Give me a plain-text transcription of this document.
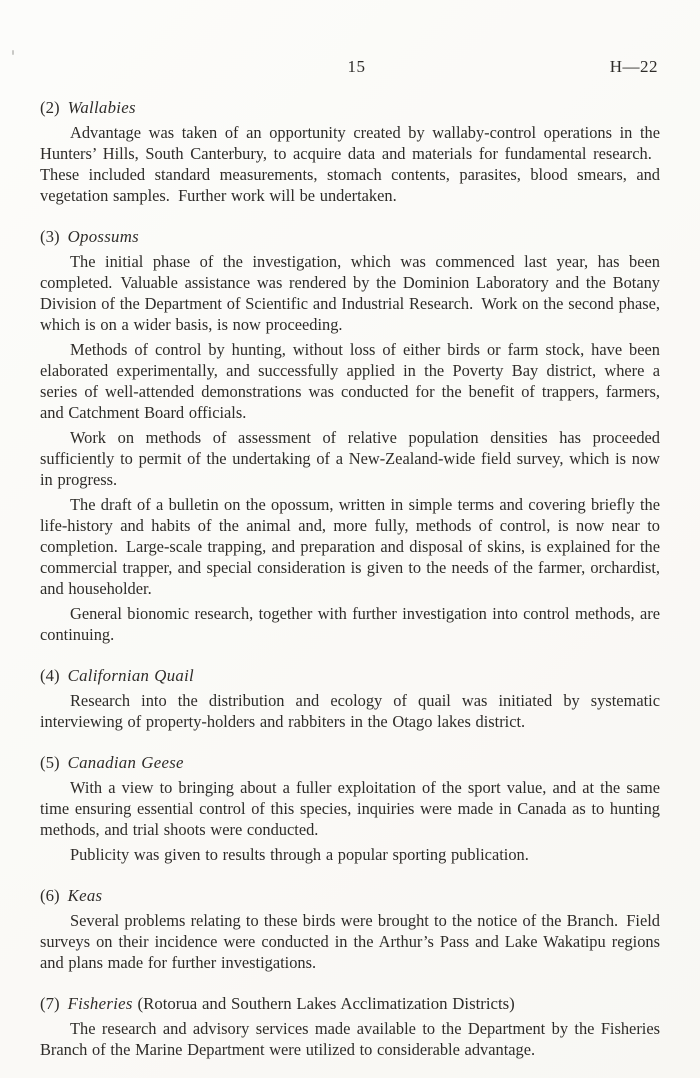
15	H—22
(2) Wallabies

Advantage was taken of an opportunity created by wallaby-control operations in the Hunters’ Hills, South Canterbury, to acquire data and materials for fundamental research. These included standard measurements, stomach contents, parasites, blood smears, and vegetation samples. Further work will be undertaken.

(3) Opossums

The initial phase of the investigation, which was commenced last year, has been completed. Valuable assistance was rendered by the Dominion Laboratory and the Botany Division of the Department of Scientific and Industrial Research. Work on the second phase, which is on a wider basis, is now proceeding.

Methods of control by hunting, without loss of either birds or farm stock, have been elaborated experimentally, and successfully applied in the Poverty Bay district, where a series of well-attended demonstrations was conducted for the benefit of trappers, farmers, and Catchment Board officials.

Work on methods of assessment of relative population densities has proceeded sufficiently to permit of the undertaking of a New-Zealand-wide field survey, which is now in progress.

The draft of a bulletin on the opossum, written in simple terms and covering briefly the life-history and habits of the animal and, more fully, methods of control, is now near to completion. Large-scale trapping, and preparation and disposal of skins, is explained for the commercial trapper, and special consideration is given to the needs of the farmer, orchardist, and householder.

General bionomic research, together with further investigation into control methods, are continuing.

(4) Californian Quail

Research into the distribution and ecology of quail was initiated by systematic interviewing of property-holders and rabbiters in the Otago lakes district.

(5) Canadian Geese

With a view to bringing about a fuller exploitation of the sport value, and at the same time ensuring essential control of this species, inquiries were made in Canada as to hunting methods, and trial shoots were conducted.

Publicity was given to results through a popular sporting publication.

(6) Keas

Several problems relating to these birds were brought to the notice of the Branch. Field surveys on their incidence were conducted in the Arthur’s Pass and Lake Wakatipu regions and plans made for further investigations.

(7) Fisheries (Rotorua and Southern Lakes Acclimatization Districts)

The research and advisory services made available to the Department by the Fisheries Branch of the Marine Department were utilized to considerable advantage.
